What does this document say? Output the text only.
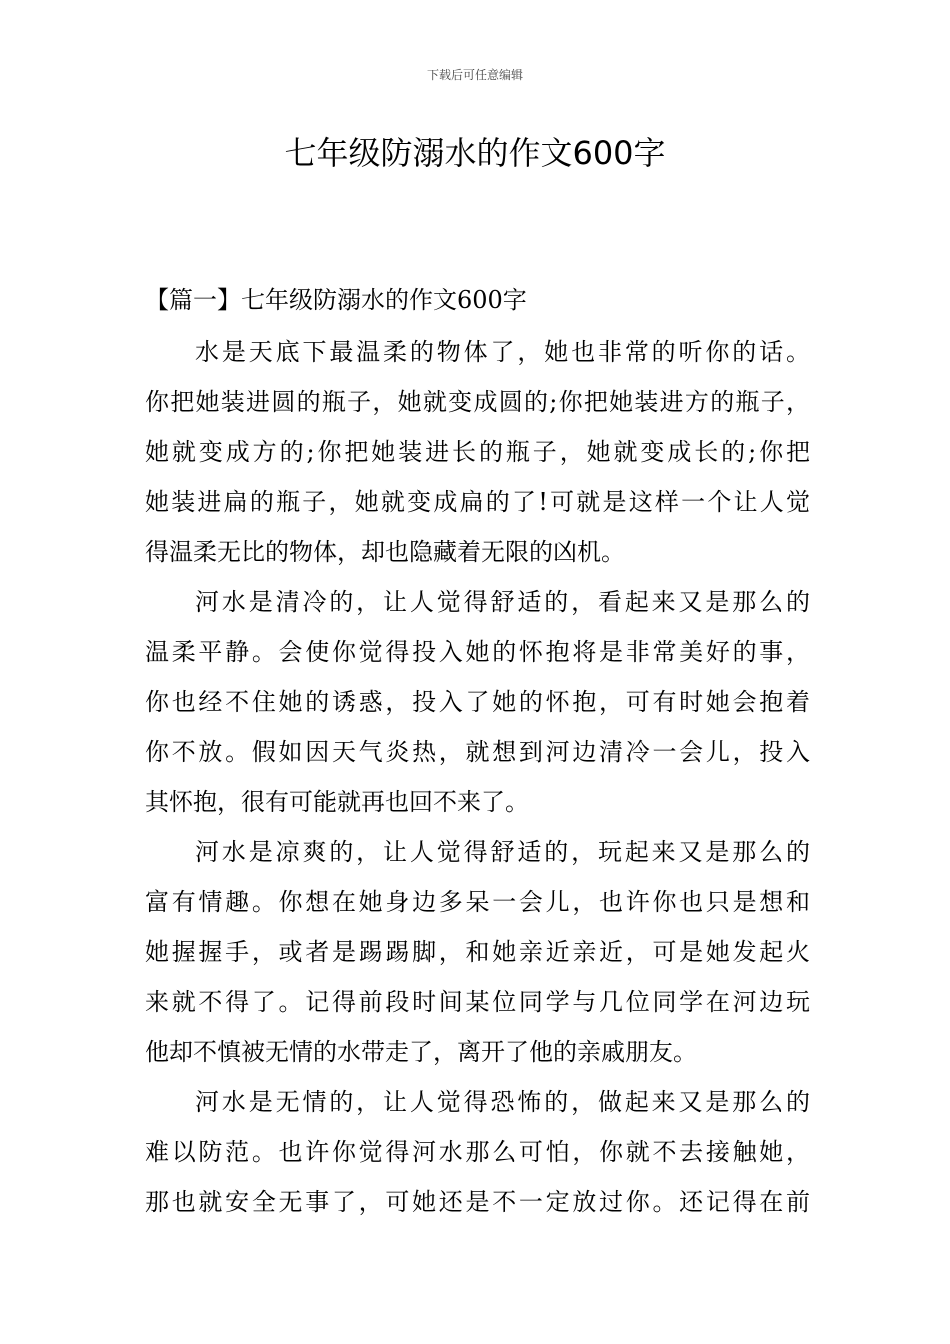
下载后可任意编辑
七年级防溺水的作文600字

【篇一】七年级防溺水的作文600字

水是天底下最温柔的物体了，她也非常的听你的话。
你把她装进圆的瓶子，她就变成圆的;你把她装进方的瓶子，
她就变成方的;你把她装进长的瓶子，她就变成长的;你把
她装进扁的瓶子，她就变成扁的了!可就是这样一个让人觉
得温柔无比的物体，却也隐藏着无限的凶机。

河水是清冷的，让人觉得舒适的，看起来又是那么的
温柔平静。会使你觉得投入她的怀抱将是非常美好的事，
你也经不住她的诱惑，投入了她的怀抱，可有时她会抱着
你不放。假如因天气炎热，就想到河边清冷一会儿，投入
其怀抱，很有可能就再也回不来了。

河水是凉爽的，让人觉得舒适的，玩起来又是那么的
富有情趣。你想在她身边多呆一会儿，也许你也只是想和
她握握手，或者是踢踢脚，和她亲近亲近，可是她发起火
来就不得了。记得前段时间某位同学与几位同学在河边玩
他却不慎被无情的水带走了，离开了他的亲戚朋友。

河水是无情的，让人觉得恐怖的，做起来又是那么的
难以防范。也许你觉得河水那么可怕，你就不去接触她，
那也就安全无事了，可她还是不一定放过你。还记得在前
